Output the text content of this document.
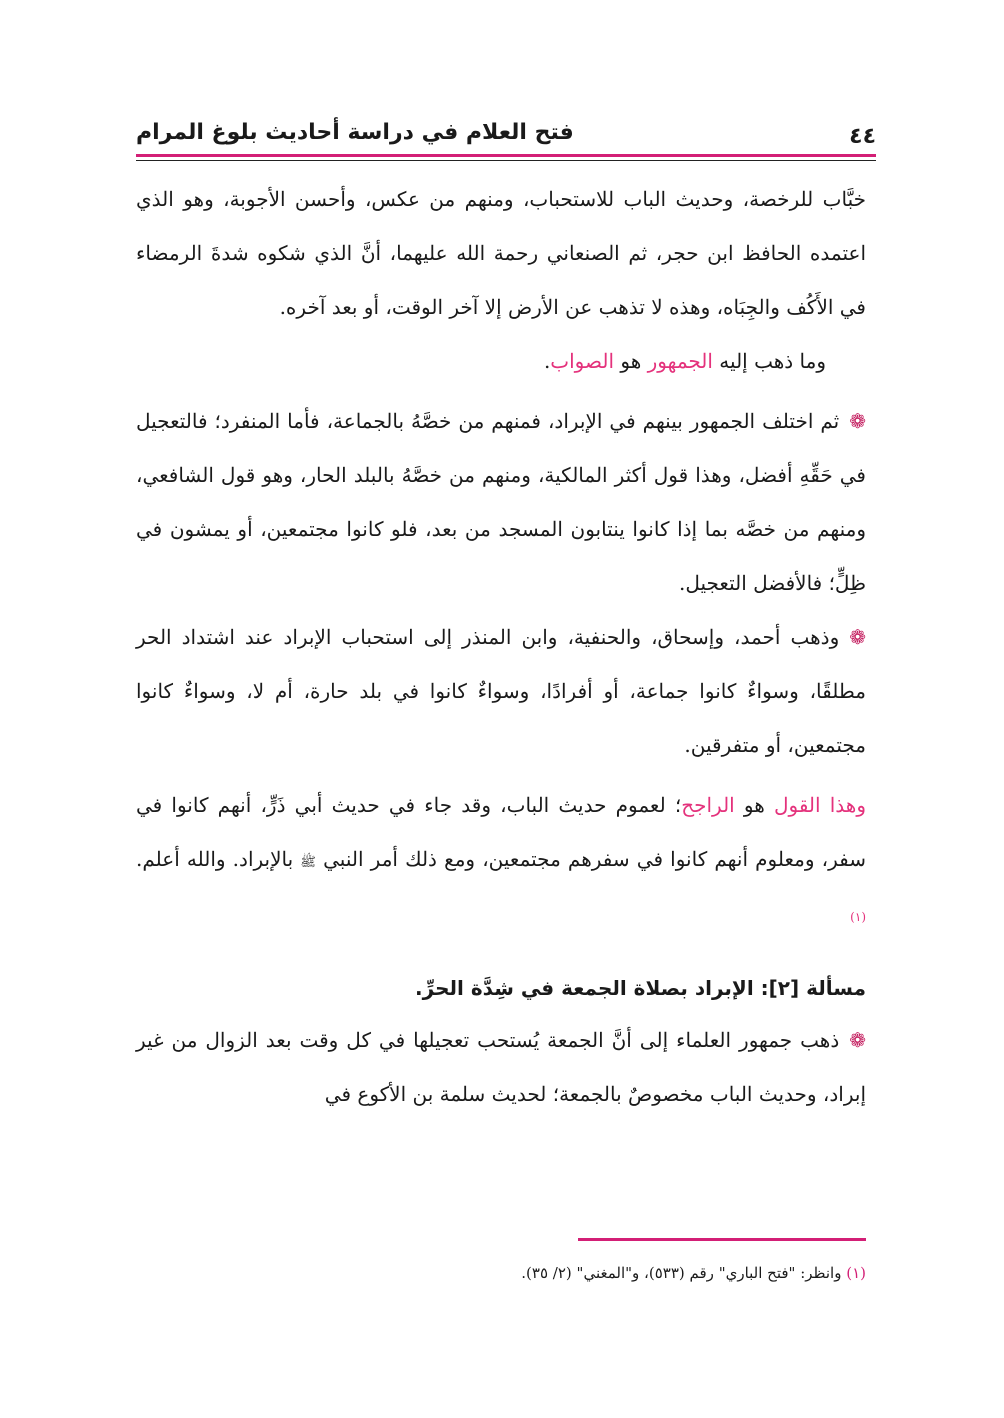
٤٤
فتح العلام في دراسة أحاديث بلوغ المرام

خبَّاب للرخصة، وحديث الباب للاستحباب، ومنهم من عكس، وأحسن الأجوبة، وهو الذي اعتمده الحافظ ابن حجر، ثم الصنعاني رحمة الله عليهما، أنَّ الذي شكوه شدةَ الرمضاء في الأَكُف والجِبَاه، وهذه لا تذهب عن الأرض إلا آخر الوقت، أو بعد آخره.

وما ذهب إليه الجمهور هو الصواب.

❁ثم اختلف الجمهور بينهم في الإبراد، فمنهم من خصَّهُ بالجماعة، فأما المنفرد؛ فالتعجيل في حَقِّهِ أفضل، وهذا قول أكثر المالكية، ومنهم من خصَّهُ بالبلد الحار، وهو قول الشافعي، ومنهم من خصَّه بما إذا كانوا ينتابون المسجد من بعد، فلو كانوا مجتمعين، أو يمشون في ظِلٍّ؛ فالأفضل التعجيل.

❁وذهب أحمد، وإسحاق، والحنفية، وابن المنذر إلى استحباب الإبراد عند اشتداد الحر مطلقًا، وسواءٌ كانوا جماعة، أو أفرادًا، وسواءٌ كانوا في بلد حارة، أم لا، وسواءٌ كانوا مجتمعين، أو متفرقين.

وهذا القول هو الراجح؛ لعموم حديث الباب، وقد جاء في حديث أبي ذَرٍّ، أنهم كانوا في سفر، ومعلوم أنهم كانوا في سفرهم مجتمعين، ومع ذلك أمر النبي ﷺ بالإبراد. والله أعلم.$^{(١)}$

مسألة [٢]: الإبراد بصلاة الجمعة في شِدَّة الحرِّ.

❁ذهب جمهور العلماء إلى أنَّ الجمعة يُستحب تعجيلها في كل وقت بعد الزوال من غير إبراد، وحديث الباب مخصوصٌ بالجمعة؛ لحديث سلمة بن الأكوع في

(١) وانظر: "فتح الباري" رقم (٥٣٣)، و"المغني" (٢/ ٣٥).
